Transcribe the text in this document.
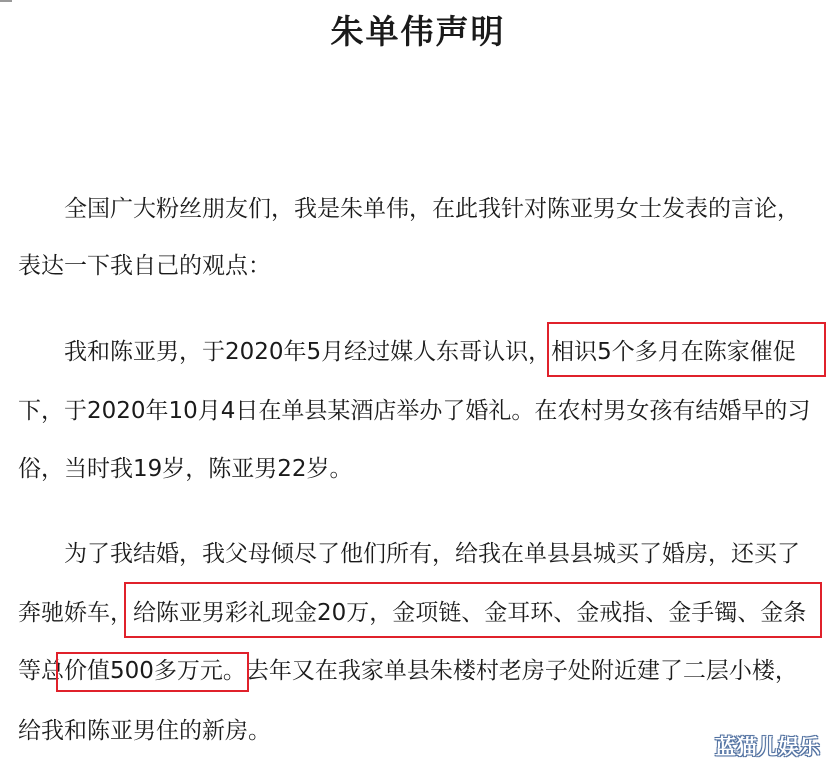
朱单伟声明
全国广大粉丝朋友们，我是朱单伟，在此我针对陈亚男女士发表的言论，
表达一下我自己的观点：
我和陈亚男，于2020年5月经过媒人东哥认识，相识5个多月在陈家催促
下，于2020年10月4日在单县某酒店举办了婚礼。在农村男女孩有结婚早的习
俗，当时我19岁，陈亚男22岁。
为了我结婚，我父母倾尽了他们所有，给我在单县县城买了婚房，还买了
奔驰娇车，给陈亚男彩礼现金20万，金项链、金耳环、金戒指、金手镯、金条
等总价值500多万元。去年又在我家单县朱楼村老房子处附近建了二层小楼，
给我和陈亚男住的新房。
蓝猫儿娱乐
